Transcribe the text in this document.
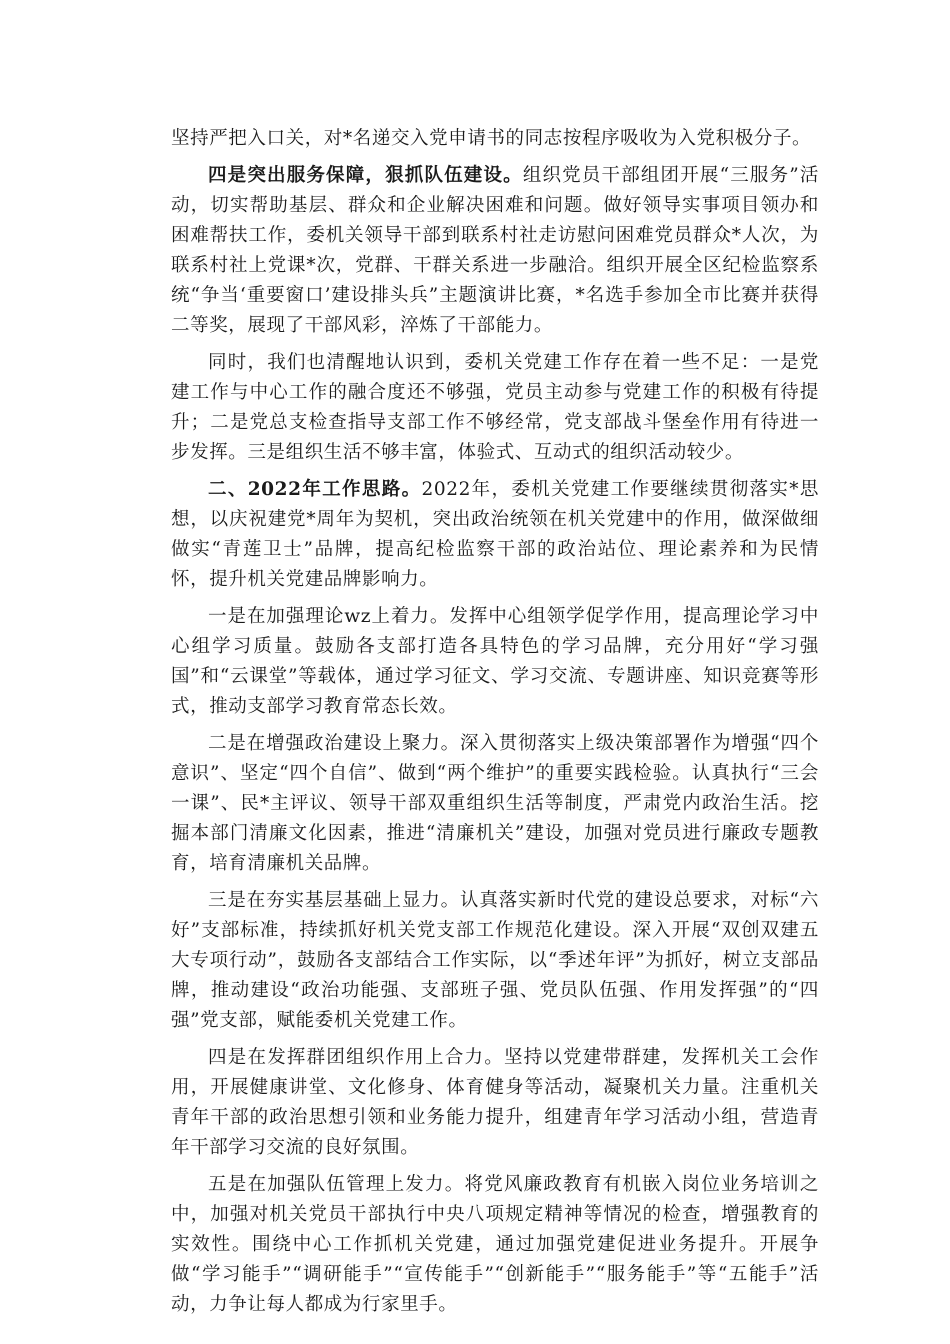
坚持严把入口关，对*名递交入党申请书的同志按程序吸收为入党积极分子。

四是突出服务保障，狠抓队伍建设。组织党员干部组团开展“三服务”活动，切实帮助基层、群众和企业解决困难和问题。做好领导实事项目领办和困难帮扶工作，委机关领导干部到联系村社走访慰问困难党员群众*人次，为联系村社上党课*次，党群、干群关系进一步融洽。组织开展全区纪检监察系统“争当‘重要窗口’建设排头兵”主题演讲比赛，*名选手参加全市比赛并获得二等奖，展现了干部风彩，淬炼了干部能力。

同时，我们也清醒地认识到，委机关党建工作存在着一些不足：一是党建工作与中心工作的融合度还不够强，党员主动参与党建工作的积极有待提升；二是党总支检查指导支部工作不够经常，党支部战斗堡垒作用有待进一步发挥。三是组织生活不够丰富，体验式、互动式的组织活动较少。

二、2022年工作思路。2022年，委机关党建工作要继续贯彻落实*思想，以庆祝建党*周年为契机，突出政治统领在机关党建中的作用，做深做细做实“青莲卫士”品牌，提高纪检监察干部的政治站位、理论素养和为民情怀，提升机关党建品牌影响力。

一是在加强理论wz上着力。发挥中心组领学促学作用，提高理论学习中心组学习质量。鼓励各支部打造各具特色的学习品牌，充分用好“学习强国”和“云课堂”等载体，通过学习征文、学习交流、专题讲座、知识竞赛等形式，推动支部学习教育常态长效。

二是在增强政治建设上聚力。深入贯彻落实上级决策部署作为增强“四个意识”、坚定“四个自信”、做到“两个维护”的重要实践检验。认真执行“三会一课”、民*主评议、领导干部双重组织生活等制度，严肃党内政治生活。挖掘本部门清廉文化因素，推进“清廉机关”建设，加强对党员进行廉政专题教育，培育清廉机关品牌。

三是在夯实基层基础上显力。认真落实新时代党的建设总要求，对标“六好”支部标准，持续抓好机关党支部工作规范化建设。深入开展“双创双建五大专项行动”，鼓励各支部结合工作实际，以“季述年评”为抓好，树立支部品牌，推动建设“政治功能强、支部班子强、党员队伍强、作用发挥强”的“四强”党支部，赋能委机关党建工作。

四是在发挥群团组织作用上合力。坚持以党建带群建，发挥机关工会作用，开展健康讲堂、文化修身、体育健身等活动，凝聚机关力量。注重机关青年干部的政治思想引领和业务能力提升，组建青年学习活动小组，营造青年干部学习交流的良好氛围。

五是在加强队伍管理上发力。将党风廉政教育有机嵌入岗位业务培训之中，加强对机关党员干部执行中央八项规定精神等情况的检查，增强教育的实效性。围绕中心工作抓机关党建，通过加强党建促进业务提升。开展争做“学习能手”“调研能手”“宣传能手”“创新能手”“服务能手”等“五能手”活动，力争让每人都成为行家里手。
